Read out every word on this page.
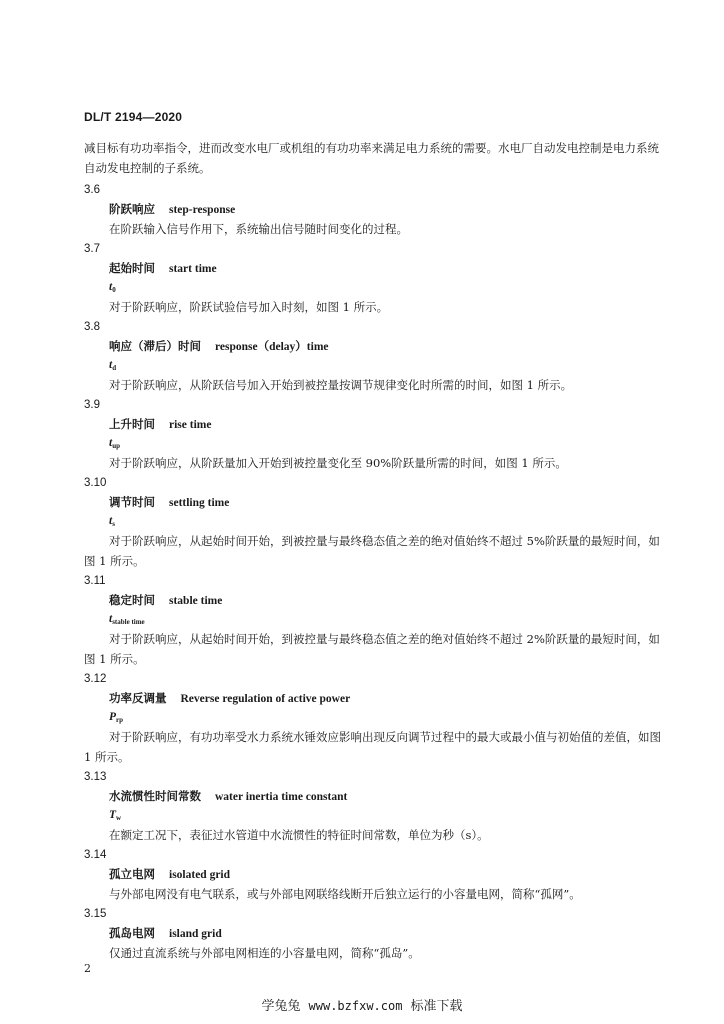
DL/T 2194—2020
减目标有功功率指令，进而改变水电厂或机组的有功功率来满足电力系统的需要。水电厂自动发电控制是电力系统自动发电控制的子系统。
3.6
阶跃响应 step-response
在阶跃输入信号作用下，系统输出信号随时间变化的过程。
3.7
起始时间 start time
$t_0$
对于阶跃响应，阶跃试验信号加入时刻，如图 1 所示。
3.8
响应（滞后）时间 response（delay）time
$t_d$
对于阶跃响应，从阶跃信号加入开始到被控量按调节规律变化时所需的时间，如图 1 所示。
3.9
上升时间 rise time
$t_{up}$
对于阶跃响应，从阶跃量加入开始到被控量变化至 90%阶跃量所需的时间，如图 1 所示。
3.10
调节时间 settling time
$t_s$
对于阶跃响应，从起始时间开始，到被控量与最终稳态值之差的绝对值始终不超过 5%阶跃量的最短时间，如图 1 所示。
3.11
稳定时间 stable time
$t_{stable time}$
对于阶跃响应，从起始时间开始，到被控量与最终稳态值之差的绝对值始终不超过 2%阶跃量的最短时间，如图 1 所示。
3.12
功率反调量 Reverse regulation of active power
$P_{rp}$
对于阶跃响应，有功功率受水力系统水锤效应影响出现反向调节过程中的最大或最小值与初始值的差值，如图 1 所示。
3.13
水流惯性时间常数 water inertia time constant
$T_w$
在额定工况下，表征过水管道中水流惯性的特征时间常数，单位为秒（s）。
3.14
孤立电网 isolated grid
与外部电网没有电气联系，或与外部电网联络线断开后独立运行的小容量电网，简称“孤网”。
3.15
孤岛电网 island grid
仅通过直流系统与外部电网相连的小容量电网，简称“孤岛”。
2
学兔兔 www.bzfxw.com 标准下载
